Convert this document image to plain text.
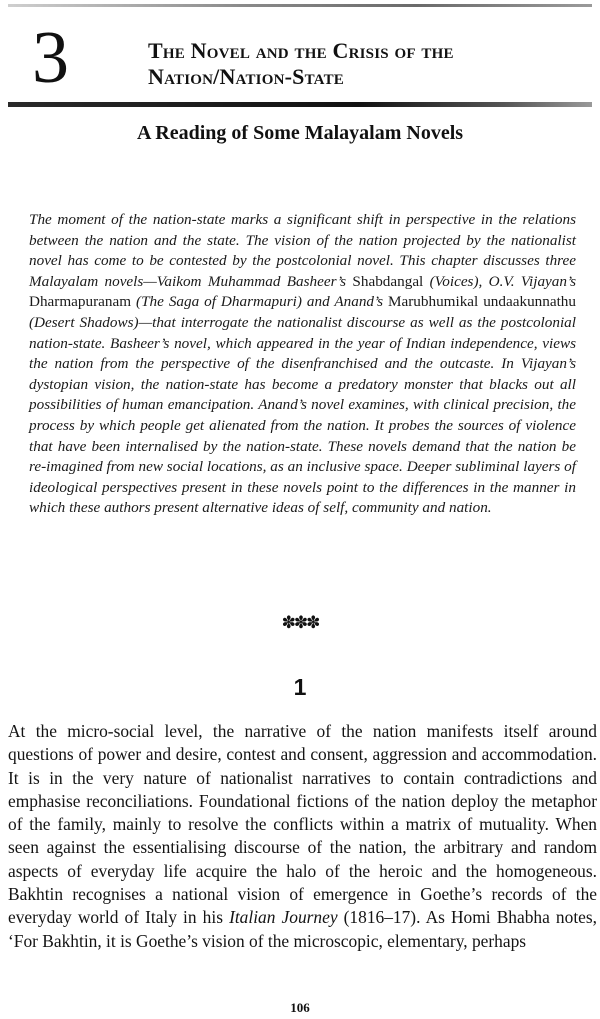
3	The Novel and the Crisis of the
Nation/Nation-State
A Reading of Some Malayalam Novels

The moment of the nation-state marks a significant shift in perspective in the relations between the nation and the state. The vision of the nation projected by the nationalist novel has come to be contested by the postcolonial novel. This chapter discusses three Malayalam novels—Vaikom Muhammad Basheer’s Shabdangal (Voices), O.V. Vijayan’s Dharmapuranam (The Saga of Dharmapuri) and Anand’s Marubhumikal undaakunnathu (Desert Shadows)—that interrogate the nationalist discourse as well as the postcolonial nation-state. Basheer’s novel, which appeared in the year of Indian independence, views the nation from the perspective of the disenfranchised and the outcaste. In Vijayan’s dystopian vision, the nation-state has become a predatory monster that blacks out all possibilities of human emancipation. Anand’s novel examines, with clinical precision, the process by which people get alienated from the nation. It probes the sources of violence that have been internalised by the nation-state. These novels demand that the nation be re-imagined from new social locations, as an inclusive space. Deeper subliminal layers of ideological perspectives present in these novels point to the differences in the manner in which these authors present alternative ideas of self, community and nation.

✽✽✽
1

At the micro-social level, the narrative of the nation manifests itself around questions of power and desire, contest and consent, aggression and accommodation. It is in the very nature of nationalist narratives to contain contradictions and emphasise reconciliations. Foundational fictions of the nation deploy the metaphor of the family, mainly to resolve the conflicts within a matrix of mutuality. When seen against the essentialising discourse of the nation, the arbitrary and random aspects of everyday life acquire the halo of the heroic and the homogeneous. Bakhtin recognises a national vision of emergence in Goethe’s records of the everyday world of Italy in his Italian Journey (1816–17). As Homi Bhabha notes, ‘For Bakhtin, it is Goethe’s vision of the microscopic, elementary, perhaps

106
